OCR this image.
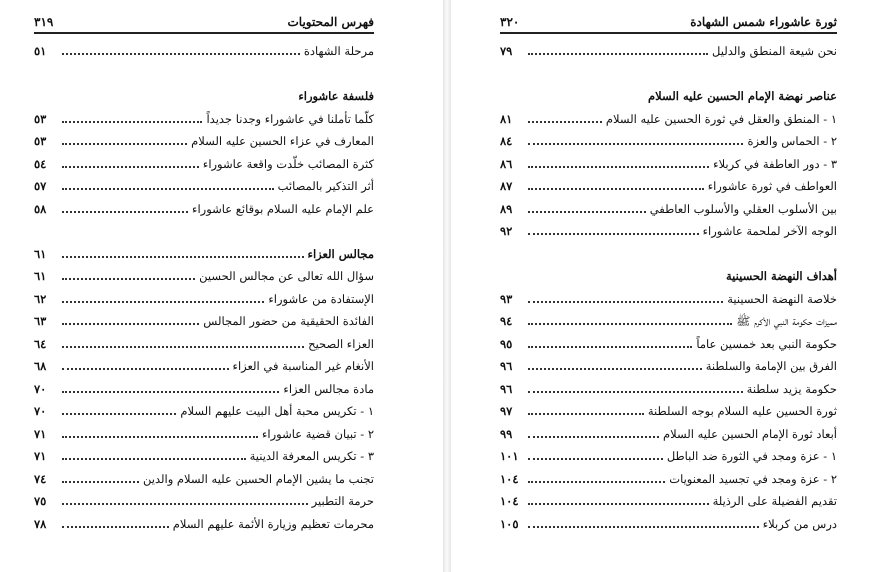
فهرس المحتويات
٣١٩
مرحلة الشهادة
٥١
فلسفة عاشوراء
كلّما تأملنا في عاشوراء وجدنا جديداً
٥٣
المعارف في عزاء الحسين عليه السلام
٥٣
كثرة المصائب خلّدت واقعة عاشوراء
٥٤
أثر التذكير بالمصائب
٥٧
علم الإمام عليه السلام بوقائع عاشوراء
٥٨
مجالس العزاء
٦١
سؤال الله تعالى عن مجالس الحسين
٦١
الإستفادة من عاشوراء
٦٢
الفائدة الحقيقية من حضور المجالس
٦٣
العزاء الصحيح
٦٤
الأنغام غير المناسبة في العزاء
٦٨
مادة مجالس العزاء
٧٠
١ - تكريس محبة أهل البيت عليهم السلام
٧٠
٢ - تبيان قضية عاشوراء
٧١
٣ - تكريس المعرفة الدينية
٧١
تجنب ما يشين الإمام الحسين عليه السلام والدين
٧٤
حرمة التطبير
٧٥
محرمات تعظيم وزيارة الأئمة عليهم السلام
٧٨
ثورة عاشوراء شمس الشهادة
٣٢٠
نحن شيعة المنطق والدليل
٧٩
عناصر نهضة الإمام الحسين عليه السلام
١ - المنطق والعقل في ثورة الحسين عليه السلام
٨١
٢ - الحماس والعزة
٨٤
٣ - دور العاطفة في كربلاء
٨٦
العواطف في ثورة عاشوراء
٨٧
بين الأسلوب العقلي والأسلوب العاطفي
٨٩
الوجه الآخر لملحمة عاشوراء
٩٢
أهداف النهضة الحسينية
خلاصة النهضة الحسينية
٩٣
مميزات حكومة النبي الأكرم ﷺ
٩٤
حكومة النبي بعد خمسين عاماً
٩٥
الفرق بين الإمامة والسلطنة
٩٦
حكومة يزيد سلطنة
٩٦
ثورة الحسين عليه السلام بوجه السلطنة
٩٧
أبعاد ثورة الإمام الحسين عليه السلام
٩٩
١ - عزة ومجد في الثورة ضد الباطل
١٠١
٢ - عزة ومجد في تجسيد المعنويات
١٠٤
تقديم الفضيلة على الرذيلة
١٠٤
درس من كربلاء
١٠٥
